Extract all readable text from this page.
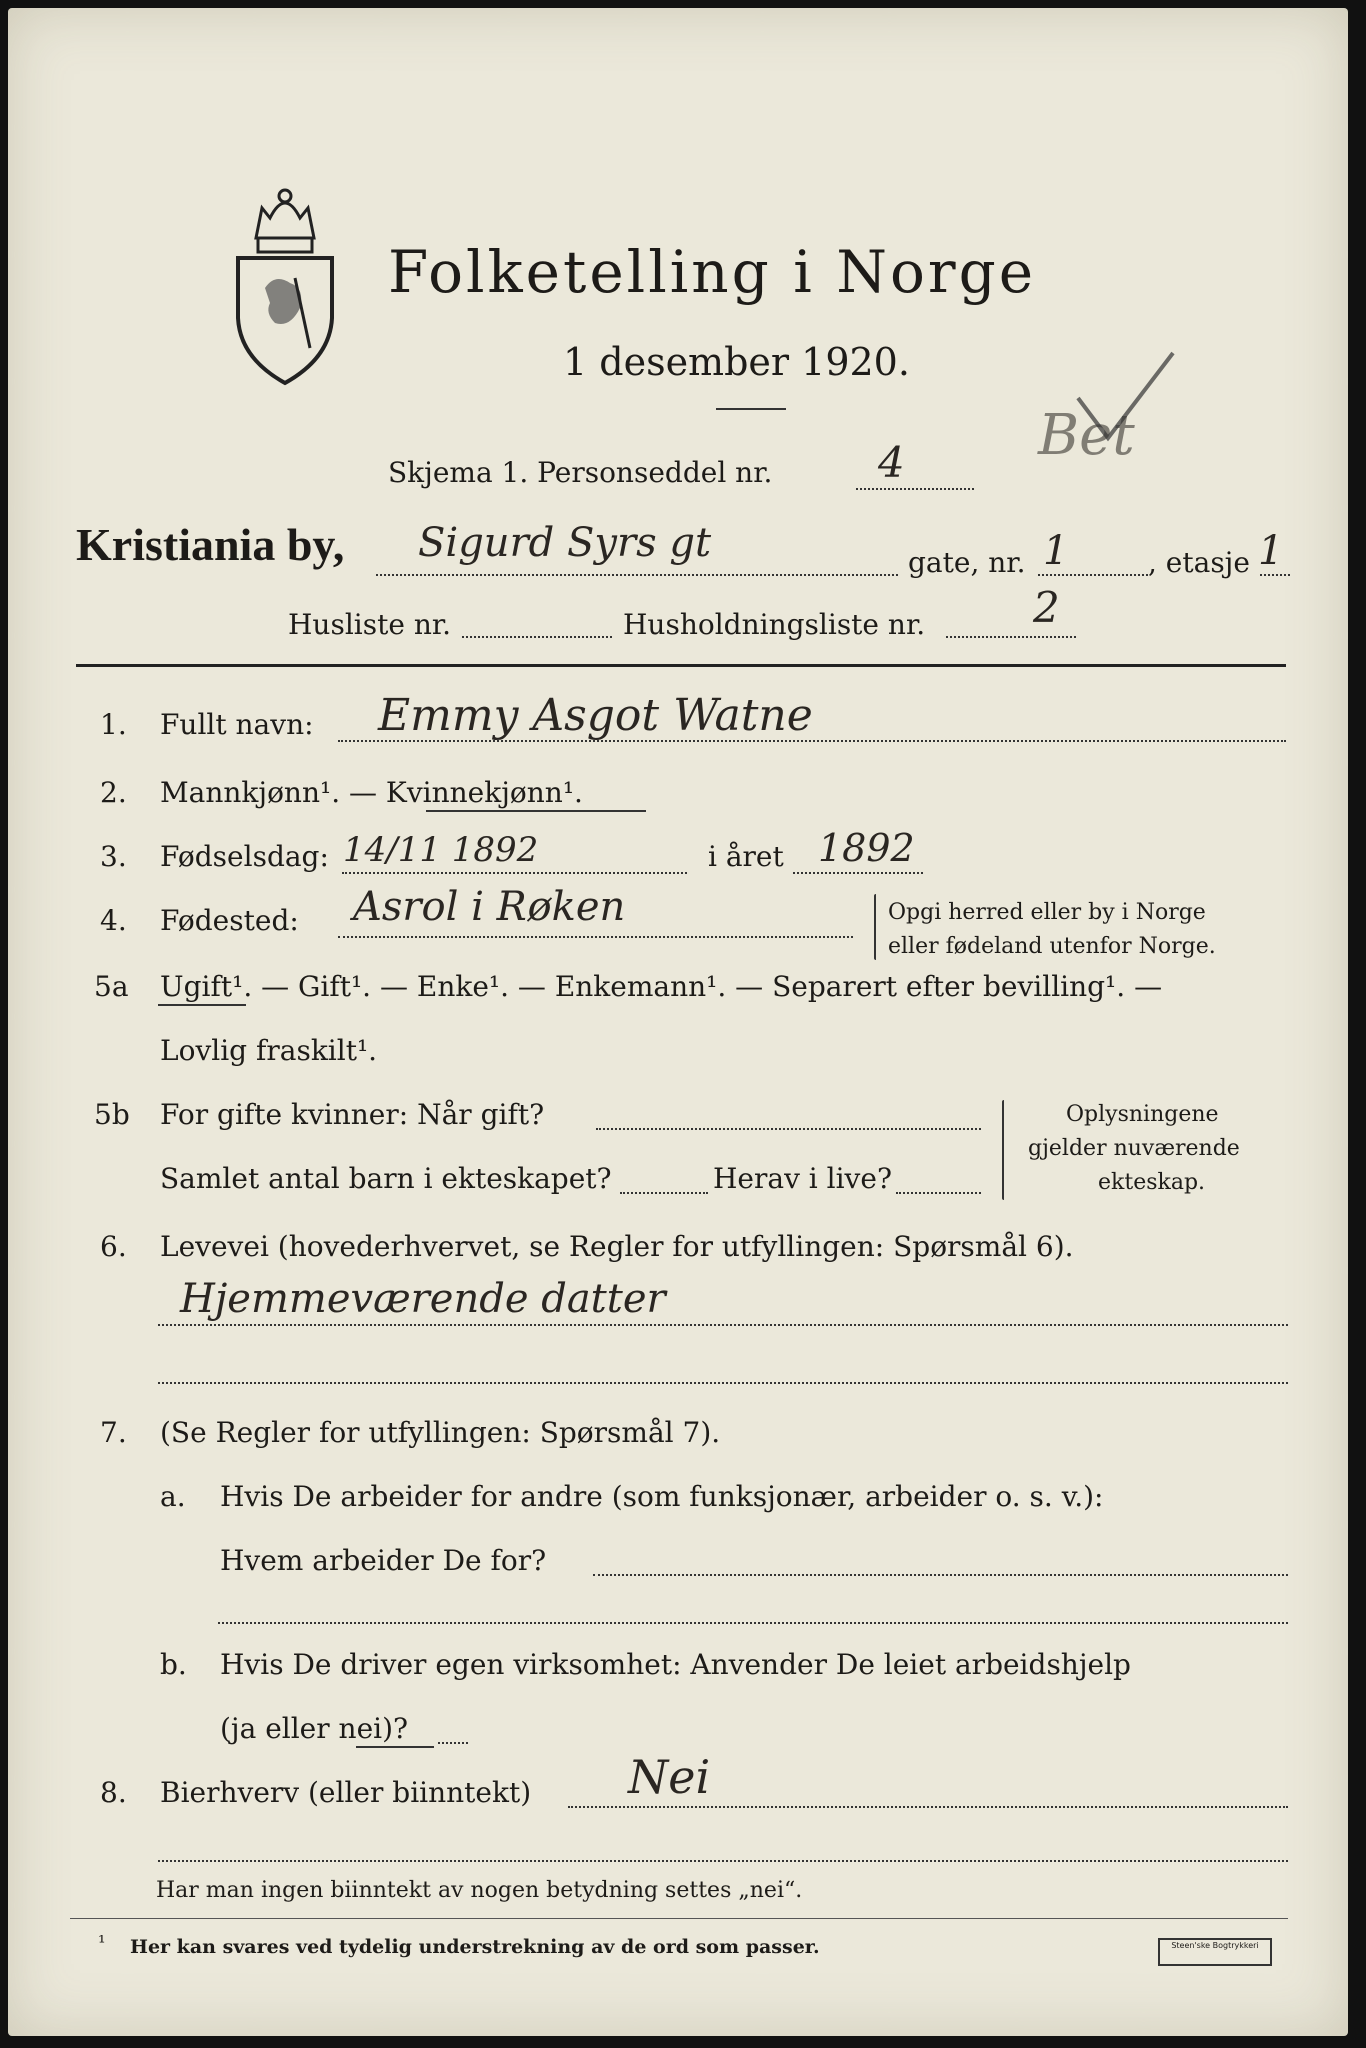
Folketelling i Norge
1 desember 1920.
Bet
Skjema 1. Personseddel nr.	4
Kristiania by, Sigurd Syrs gt	gate, nr. 1	, etasje 1
Husliste nr.	Husholdningsliste nr.	2
1. Fullt navn: Emmy Asgot Watne
2. Mannkjønn¹. — Kvinnekjønn¹.
3. Fødselsdag: 14/11 1892	i året 1892
4. Fødested: Asrol i Røken	Opgi herred eller by i Norge
eller fødeland utenfor Norge.
5a Ugift¹. — Gift¹. — Enke¹. — Enkemann¹. — Separert efter bevilling¹. —
Lovlig fraskilt¹.
5b For gifte kvinner: Når gift?
Samlet antal barn i ekteskapet?	Herav i live?
Oplysningene
gjelder nuværende
ekteskap.
6. Levevei (hovederhvervet, se Regler for utfyllingen: Spørsmål 6).
Hjemmeværende datter
7. (Se Regler for utfyllingen: Spørsmål 7).
a. Hvis De arbeider for andre (som funksjonær, arbeider o. s. v.):
Hvem arbeider De for?
b. Hvis De driver egen virksomhet: Anvender De leiet arbeidshjelp
(ja eller nei)?
8. Bierhverv (eller biinntekt) Nei
Har man ingen biinntekt av nogen betydning settes „nei“.
¹ Her kan svares ved tydelig understrekning av de ord som passer.	Steen'ske Bogtrykkeri
